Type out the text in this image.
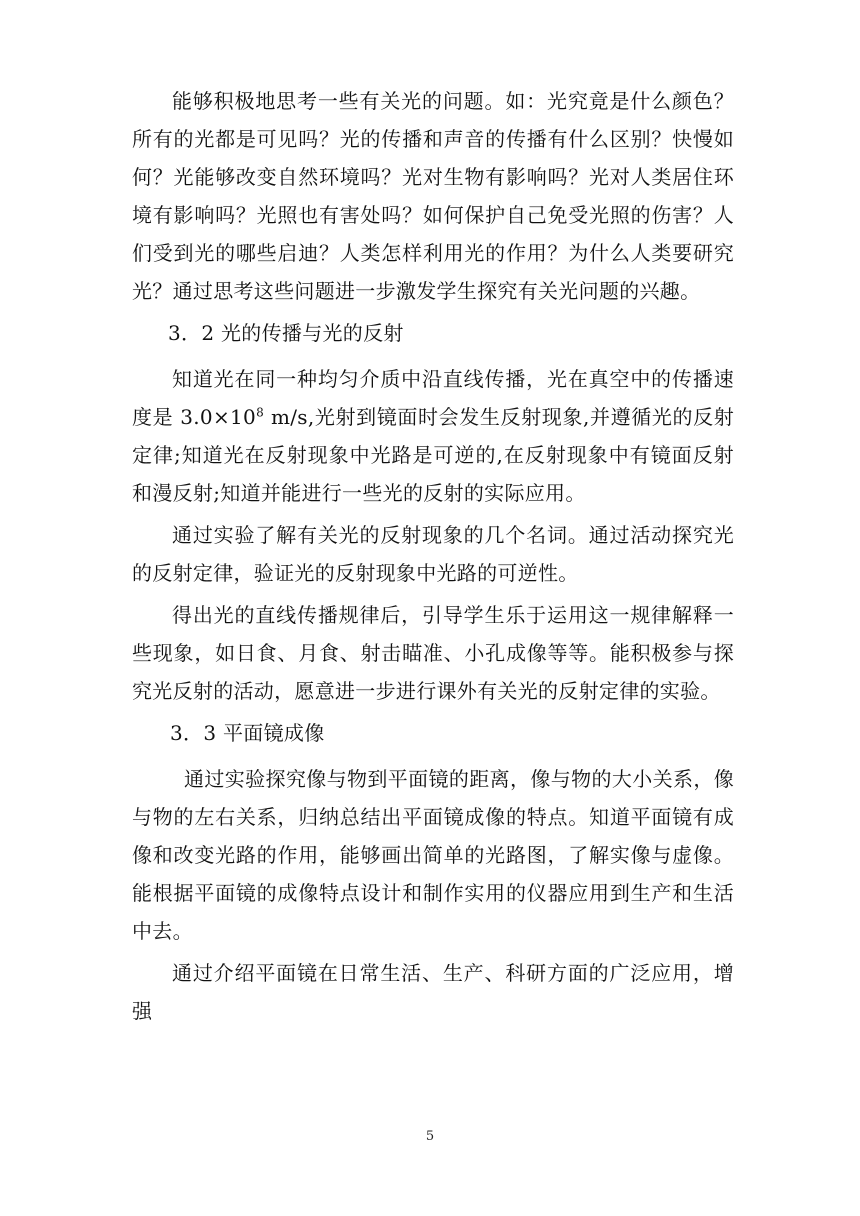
能够积极地思考一些有关光的问题。如：光究竟是什么颜色？所有的光都是可见吗？光的传播和声音的传播有什么区别？快慢如何？光能够改变自然环境吗？光对生物有影响吗？光对人类居住环境有影响吗？光照也有害处吗？如何保护自己免受光照的伤害？人们受到光的哪些启迪？人类怎样利用光的作用？为什么人类要研究光？通过思考这些问题进一步激发学生探究有关光问题的兴趣。

3．2 光的传播与光的反射

知道光在同一种均匀介质中沿直线传播，光在真空中的传播速度是 $3.0\times 10^8$ m/s,光射到镜面时会发生反射现象,并遵循光的反射定律;知道光在反射现象中光路是可逆的,在反射现象中有镜面反射和漫反射;知道并能进行一些光的反射的实际应用。

通过实验了解有关光的反射现象的几个名词。通过活动探究光的反射定律，验证光的反射现象中光路的可逆性。

得出光的直线传播规律后，引导学生乐于运用这一规律解释一些现象，如日食、月食、射击瞄准、小孔成像等等。能积极参与探究光反射的活动，愿意进一步进行课外有关光的反射定律的实验。

3．3 平面镜成像

通过实验探究像与物到平面镜的距离，像与物的大小关系，像与物的左右关系，归纳总结出平面镜成像的特点。知道平面镜有成像和改变光路的作用，能够画出简单的光路图，了解实像与虚像。能根据平面镜的成像特点设计和制作实用的仪器应用到生产和生活中去。

通过介绍平面镜在日常生活、生产、科研方面的广泛应用，增强

5
